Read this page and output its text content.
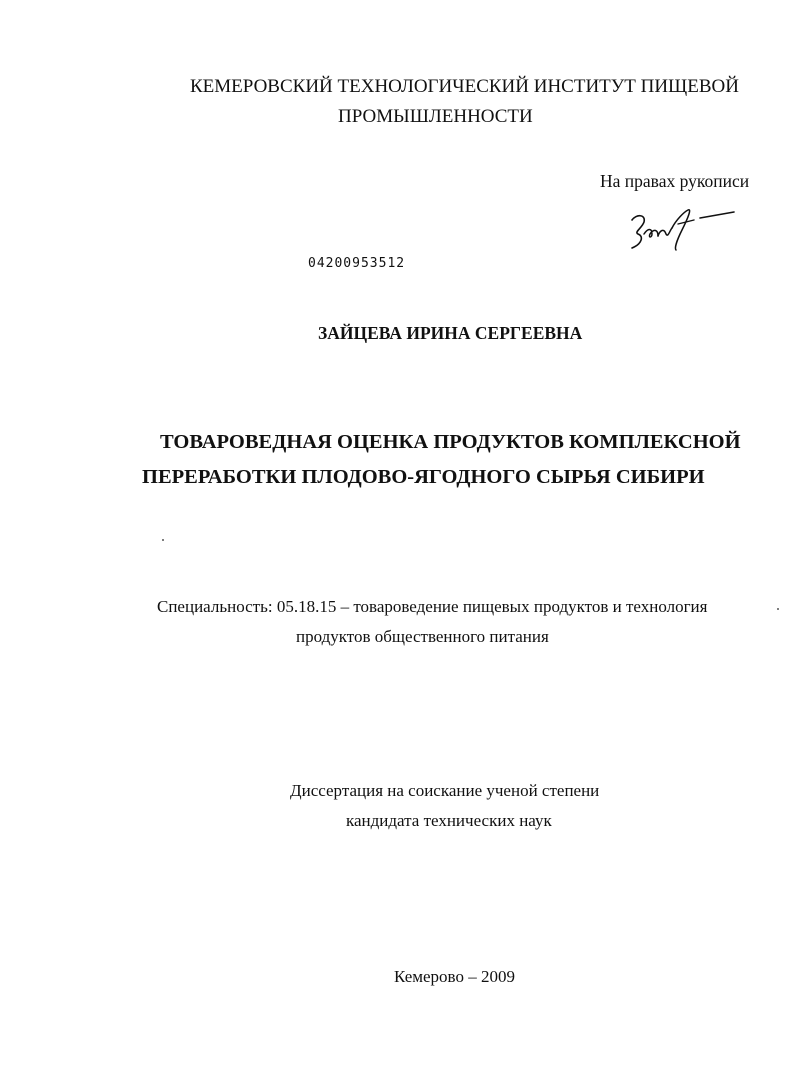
КЕМЕРОВСКИЙ ТЕХНОЛОГИЧЕСКИЙ ИНСТИТУТ ПИЩЕВОЙ
ПРОМЫШЛЕННОСТИ
На правах рукописи
04200953512
ЗАЙЦЕВА ИРИНА СЕРГЕЕВНА
ТОВАРОВЕДНАЯ ОЦЕНКА ПРОДУКТОВ КОМПЛЕКСНОЙ
ПЕРЕРАБОТКИ ПЛОДОВО-ЯГОДНОГО СЫРЬЯ СИБИРИ
Специальность: 05.18.15 – товароведение пищевых продуктов и технология
продуктов общественного питания
Диссертация на соискание ученой степени
кандидата технических наук
Кемерово – 2009
